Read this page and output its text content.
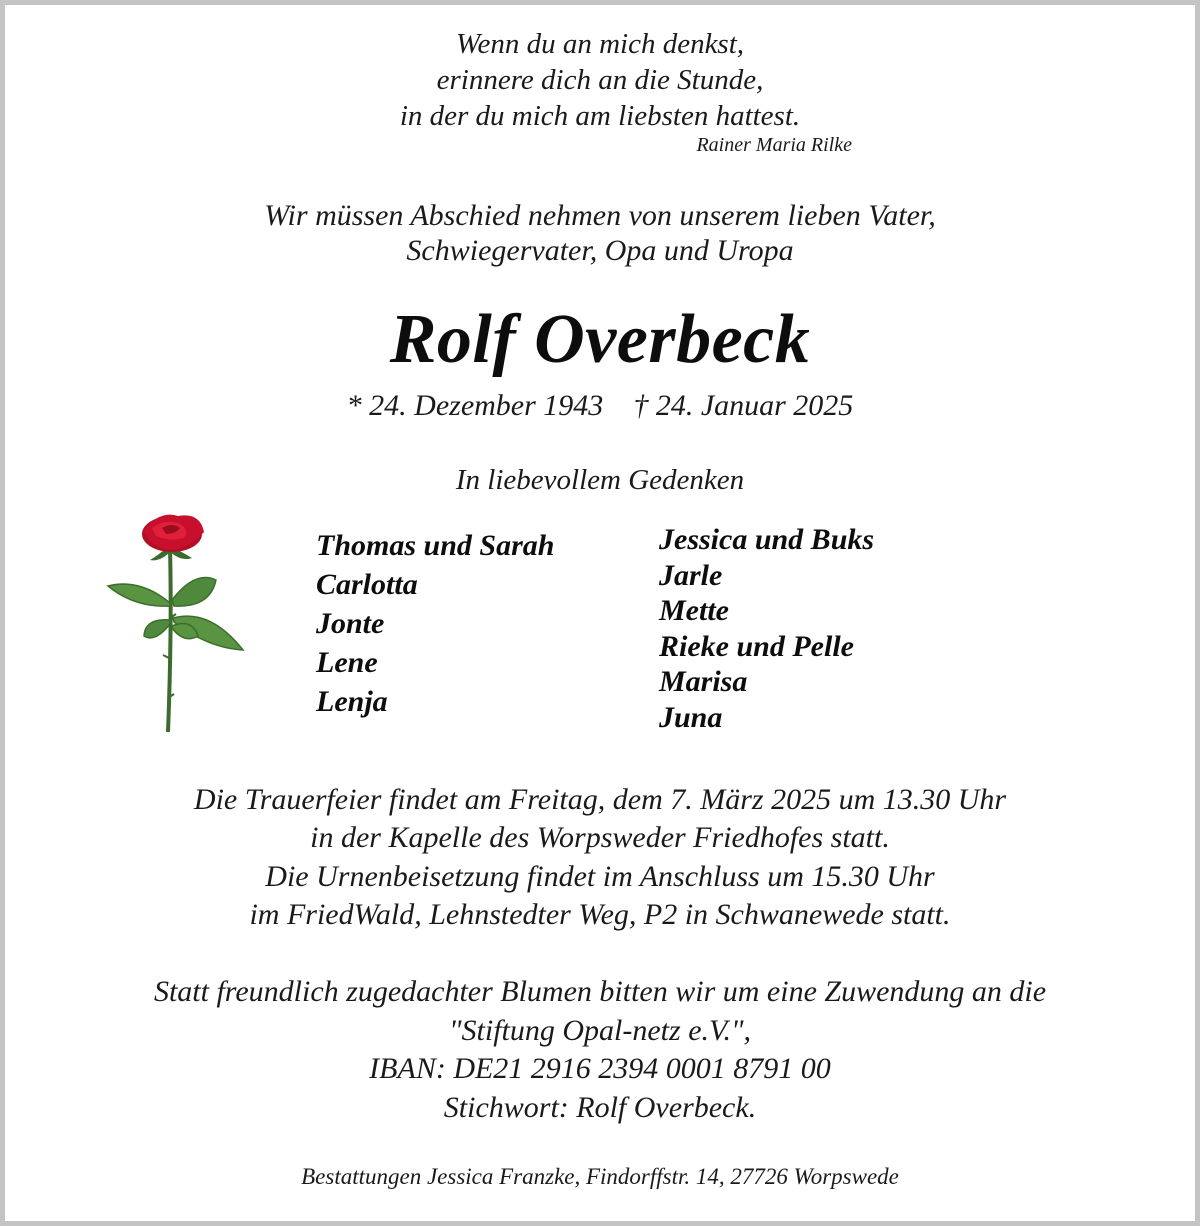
Wenn du an mich denkst,
erinnere dich an die Stunde,
in der du mich am liebsten hattest.
Rainer Maria Rilke
Wir müssen Abschied nehmen von unserem lieben Vater,
Schwiegervater, Opa und Uropa
Rolf Overbeck
* 24. Dezember 1943 † 24. Januar 2025
In liebevollem Gedenken
Thomas und Sarah
Carlotta
Jonte
Lene
Lenja
Jessica und Buks
Jarle
Mette
Rieke und Pelle
Marisa
Juna
Die Trauerfeier findet am Freitag, dem 7. März 2025 um 13.30 Uhr
in der Kapelle des Worpsweder Friedhofes statt.
Die Urnenbeisetzung findet im Anschluss um 15.30 Uhr
im FriedWald, Lehnstedter Weg, P2 in Schwanewede statt.
Statt freundlich zugedachter Blumen bitten wir um eine Zuwendung an die
"Stiftung Opal-netz e.V.",
IBAN: DE21 2916 2394 0001 8791 00
Stichwort: Rolf Overbeck.
Bestattungen Jessica Franzke, Findorffstr. 14, 27726 Worpswede
